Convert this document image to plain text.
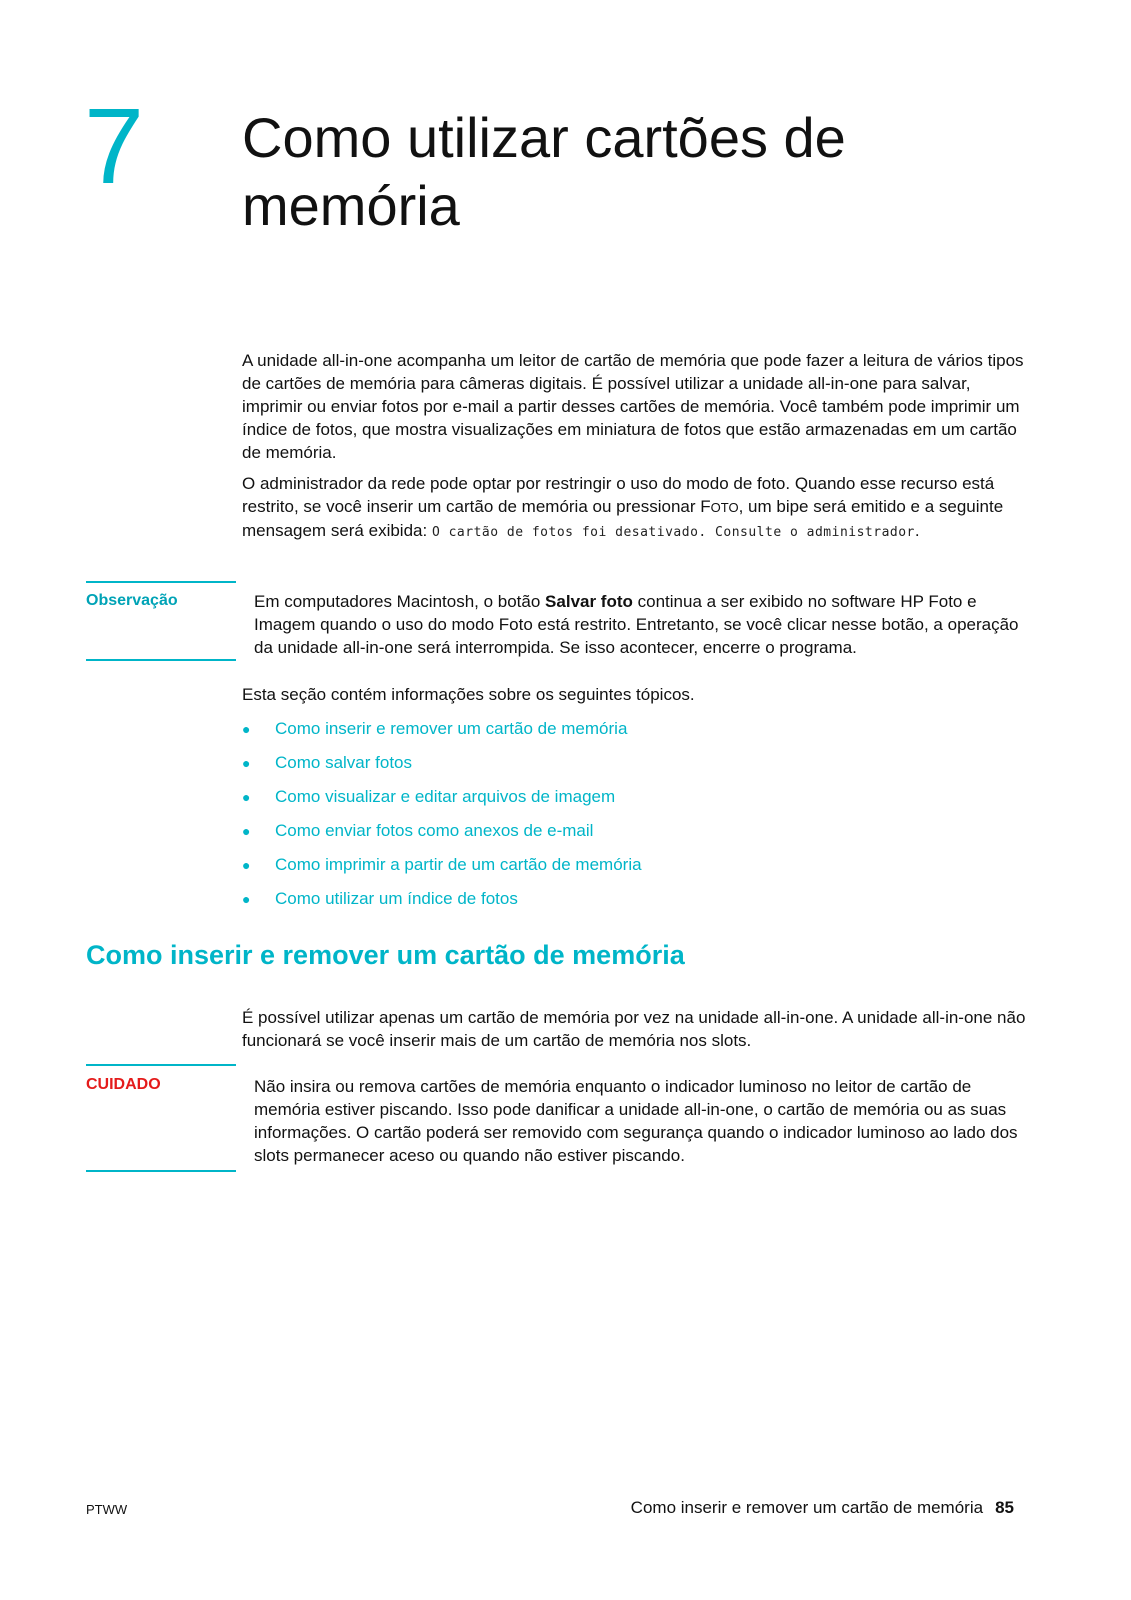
7 Como utilizar cartões de
memória

A unidade all-in-one acompanha um leitor de cartão de memória que pode fazer a leitura de vários tipos de cartões de memória para câmeras digitais. É possível utilizar a unidade all-in-one para salvar, imprimir ou enviar fotos por e-mail a partir desses cartões de memória. Você também pode imprimir um índice de fotos, que mostra visualizações em miniatura de fotos que estão armazenadas em um cartão de memória.

O administrador da rede pode optar por restringir o uso do modo de foto. Quando esse recurso está restrito, se você inserir um cartão de memória ou pressionar FOTO, um bipe será emitido e a seguinte mensagem será exibida: O cartão de fotos foi desativado. Consulte o administrador.

Observação	Em computadores Macintosh, o botão Salvar foto continua a ser exibido no software HP Foto e Imagem quando o uso do modo Foto está restrito. Entretanto, se você clicar nesse botão, a operação da unidade all-in-one será interrompida. Se isso acontecer, encerre o programa.

Esta seção contém informações sobre os seguintes tópicos.

● Como inserir e remover um cartão de memória
● Como salvar fotos
● Como visualizar e editar arquivos de imagem
● Como enviar fotos como anexos de e-mail
● Como imprimir a partir de um cartão de memória
● Como utilizar um índice de fotos
Como inserir e remover um cartão de memória

É possível utilizar apenas um cartão de memória por vez na unidade all-in-one. A unidade all-in-one não funcionará se você inserir mais de um cartão de memória nos slots.

CUIDADO	Não insira ou remova cartões de memória enquanto o indicador luminoso no leitor de cartão de memória estiver piscando. Isso pode danificar a unidade all-in-one, o cartão de memória ou as suas informações. O cartão poderá ser removido com segurança quando o indicador luminoso ao lado dos slots permanecer aceso ou quando não estiver piscando.

PTWW	Como inserir e remover um cartão de memória 85
